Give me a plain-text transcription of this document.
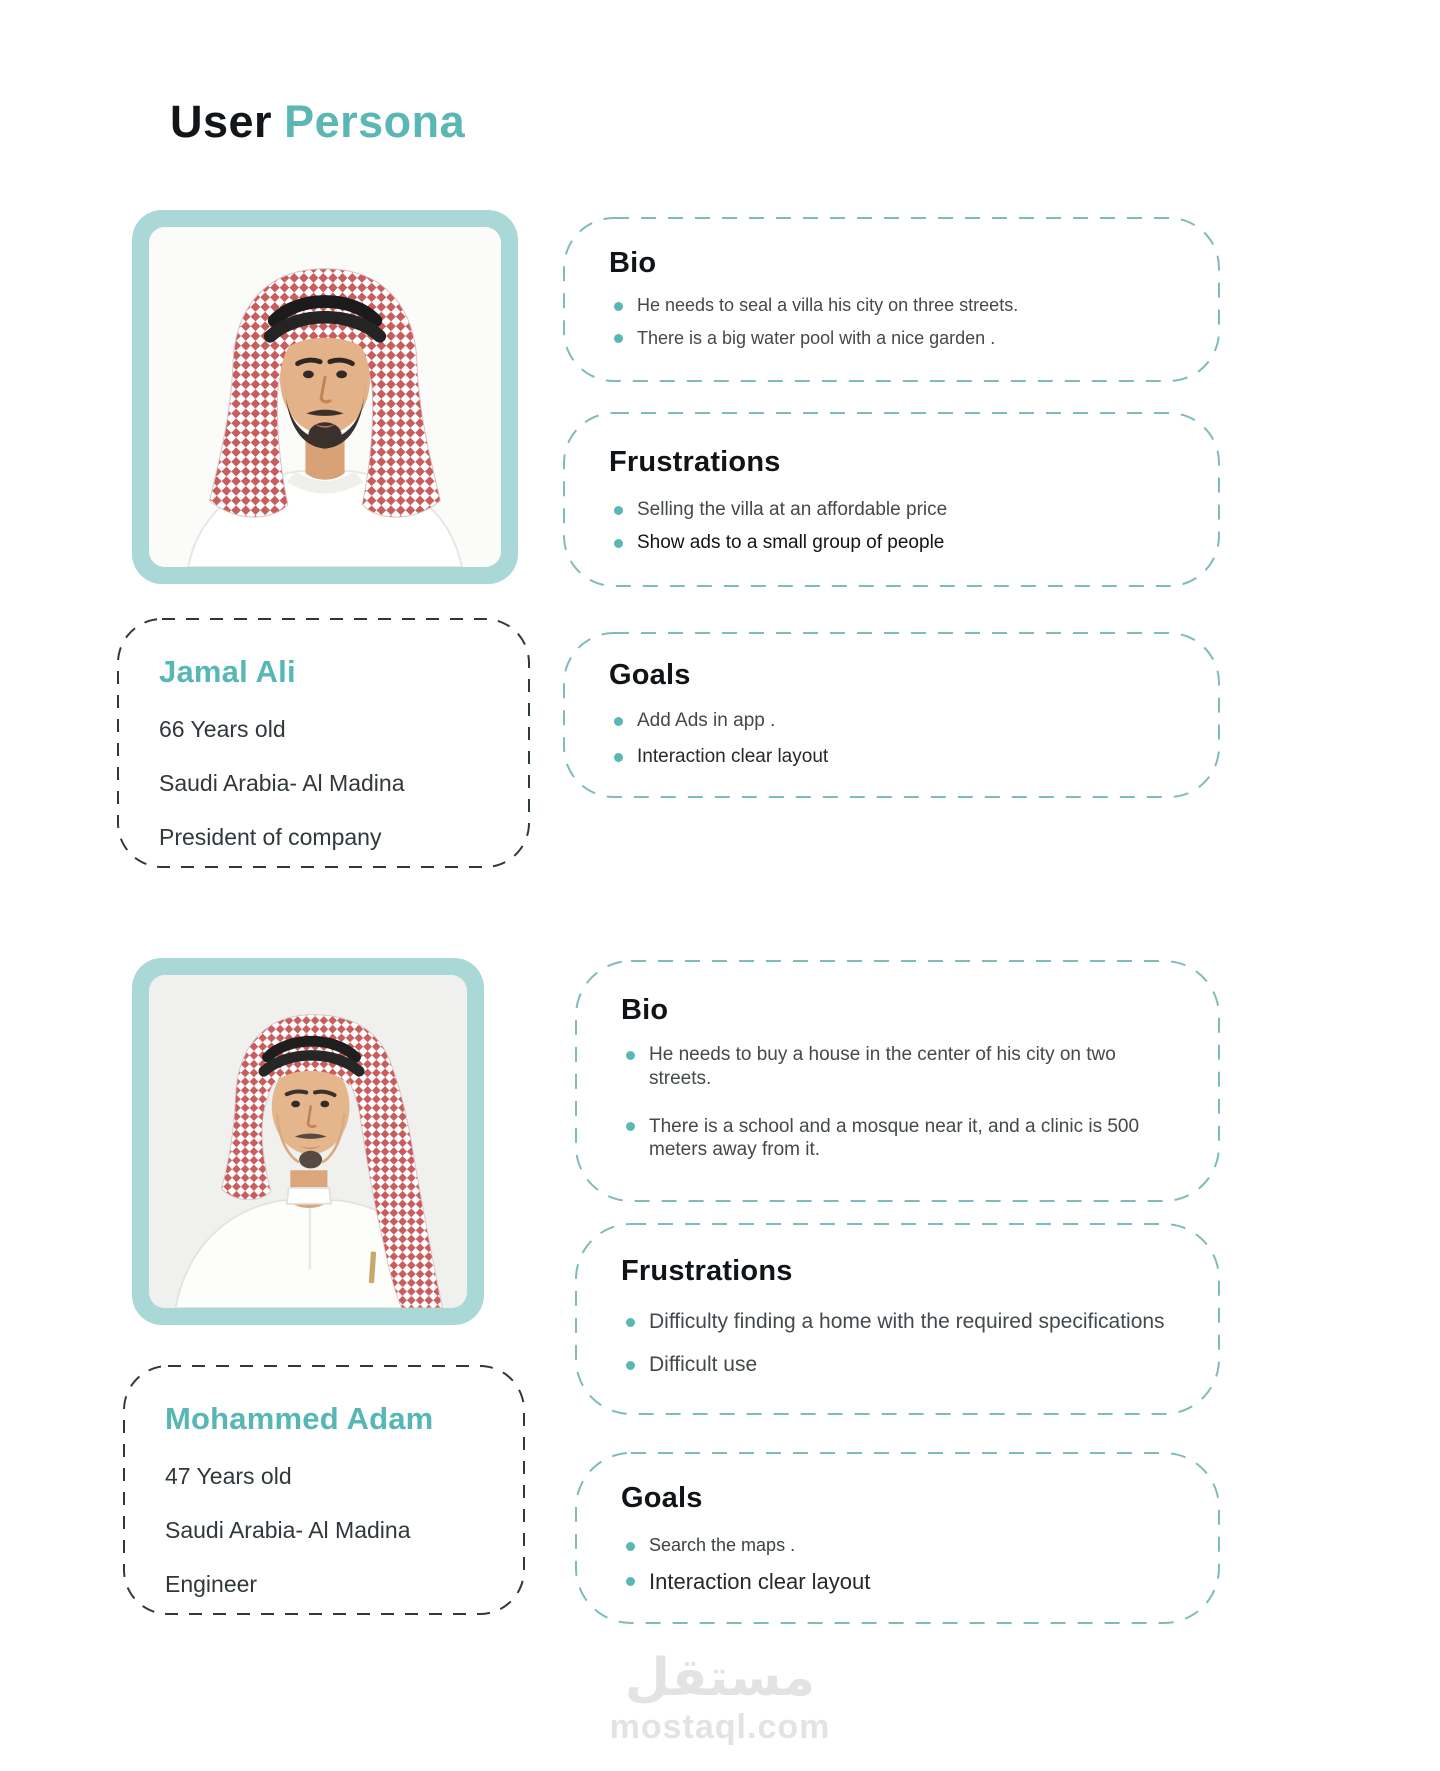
User Persona
Bio
He needs to seal a villa his city on three streets.
There is a big water pool with a nice garden .
Frustrations
Selling the villa at an affordable price
Show ads to a small group of people
Jamal Ali

66 Years old

Saudi Arabia- Al Madina

President of company

Goals
Add Ads in app .
Interaction clear layout
Bio
He needs to buy a house in the center of his city on two streets.
There is a school and a mosque near it, and a clinic is 500 meters away from it.
Frustrations
Difficulty finding a home with the required specifications
Difficult use
Mohammed Adam

47 Years old

Saudi Arabia- Al Madina

Engineer

Goals
Search the maps .
Interaction clear layout
مستقل
mostaql.com
